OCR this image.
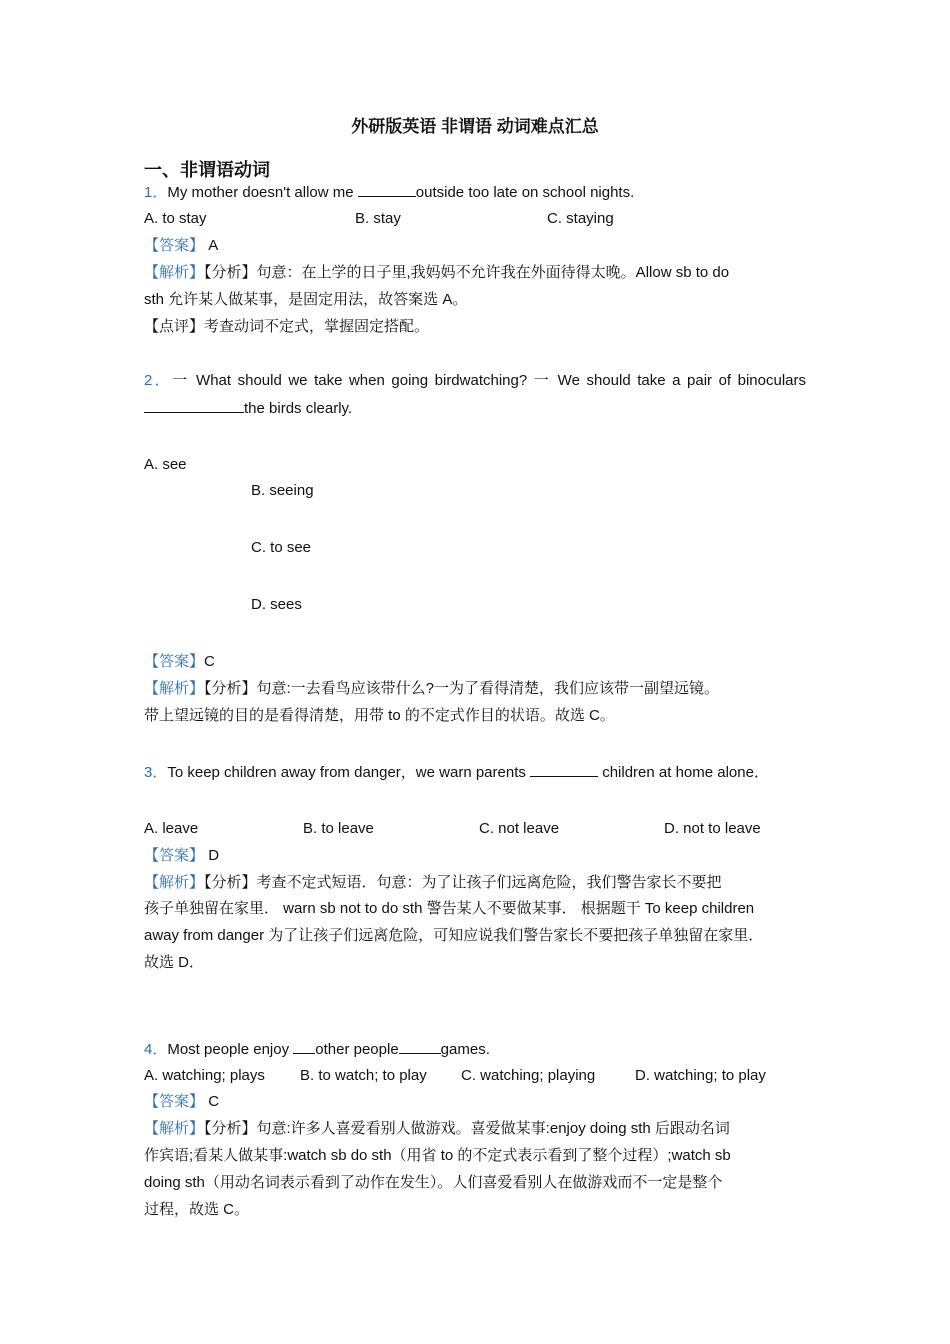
外研版英语 非谓语 动词难点汇总
一、非谓语动词
1．My mother doesn't allow me	outside too late on school nights.
A. to stay	B. stay	C. staying
【答案】 A
【解析】【分析】句意：在上学的日子里,我妈妈不允许我在外面待得太晚。Allow sb to do
sth 允许某人做某事，是固定用法，故答案选 A。
【点评】考查动词不定式，掌握固定搭配。
2．一 What should we take when going birdwatching? 一 We should take a pair of binoculars
the birds clearly.
A. see
B. seeing
C. to see
D. sees
【答案】C
【解析】【分析】句意:一去看鸟应该带什么?一为了看得清楚，我们应该带一副望远镜。
带上望远镜的目的是看得清楚，用带 to 的不定式作目的状语。故选 C。
3．To keep children away from danger，we warn parents	children at home alone．
A. leave	B. to leave	C. not leave	D. not to leave
【答案】 D
【解析】【分析】考查不定式短语．句意：为了让孩子们远离危险，我们警告家长不要把
孩子单独留在家里． warn sb not to do sth 警告某人不要做某事． 根据题干 To keep children
away from danger 为了让孩子们远离危险，可知应说我们警告家长不要把孩子单独留在家里．
故选 D．
4．Most people enjoy other people	games.
A. watching; plays B. to watch; to play C. watching; playing	D. watching; to play
【答案】 C
【解析】【分析】句意:许多人喜爱看别人做游戏。喜爱做某事:enjoy doing sth 后跟动名词
作宾语;看某人做某事:watch sb do sth（用省 to 的不定式表示看到了整个过程）;watch sb
doing sth（用动名词表示看到了动作在发生）。人们喜爱看别人在做游戏而不一定是整个
过程，故选 C。
